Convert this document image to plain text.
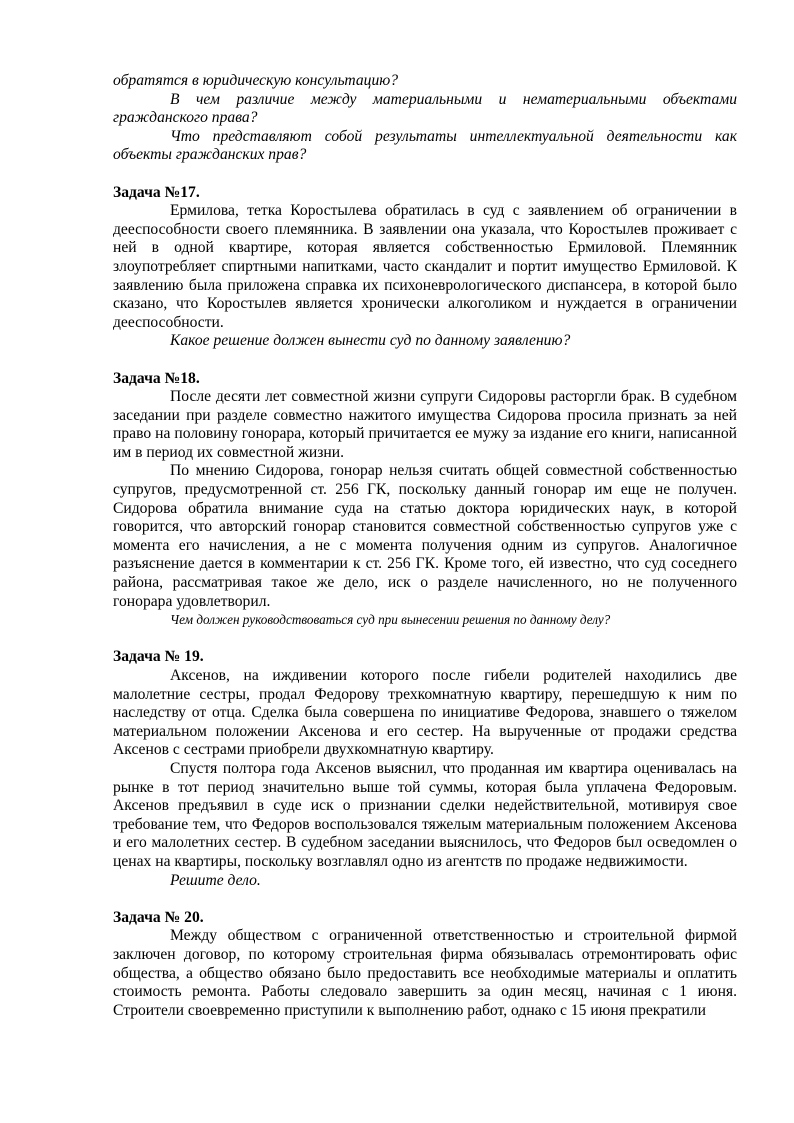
обратятся в юридическую консультацию?

В чем различие между материальными и нематериальными объектами гражданского права?

Что представляют собой результаты интеллектуальной деятельности как объекты гражданских прав?

Задача №17.

Ермилова, тетка Коростылева обратилась в суд с заявлением об ограничении в дееспособности своего племянника. В заявлении она указала, что Коростылев проживает с ней в одной квартире, которая является собственностью Ермиловой. Племянник злоупотребляет спиртными напитками, часто скандалит и портит имущество Ермиловой. К заявлению была приложена справка их психоневрологического диспансера, в которой было сказано, что Коростылев является хронически алкоголиком и нуждается в ограничении дееспособности.

Какое решение должен вынести суд по данному заявлению?

Задача №18.

После десяти лет совместной жизни супруги Сидоровы расторгли брак. В судебном заседании при разделе совместно нажитого имущества Сидорова просила признать за ней право на половину гонорара, который причитается ее мужу за издание его книги, написанной им в период их совместной жизни.

По мнению Сидорова, гонорар нельзя считать общей совместной собственностью супругов, предусмотренной ст. 256 ГК, поскольку данный гонорар им еще не получен. Сидорова обратила внимание суда на статью доктора юридических наук, в которой говорится, что авторский гонорар становится совместной собственностью супругов уже с момента его начисления, а не с момента получения одним из супругов. Аналогичное разъяснение дается в комментарии к ст. 256 ГК. Кроме того, ей известно, что суд соседнего района, рассматривая такое же дело, иск о разделе начисленного, но не полученного гонорара удовлетворил.

Чем должен руководствоваться суд при вынесении решения по данному делу?

Задача № 19.

Аксенов, на иждивении которого после гибели родителей находились две малолетние сестры, продал Федорову трехкомнатную квартиру, перешедшую к ним по наследству от отца. Сделка была совершена по инициативе Федорова, знавшего о тяжелом материальном положении Аксенова и его сестер. На вырученные от продажи средства Аксенов с сестрами приобрели двухкомнатную квартиру.

Спустя полтора года Аксенов выяснил, что проданная им квартира оценивалась на рынке в тот период значительно выше той суммы, которая была уплачена Федоровым. Аксенов предъявил в суде иск о признании сделки недействительной, мотивируя свое требование тем, что Федоров воспользовался тяжелым материальным положением Аксенова и его малолетних сестер. В судебном заседании выяснилось, что Федоров был осведомлен о ценах на квартиры, поскольку возглавлял одно из агентств по продаже недвижимости.

Решите дело.

Задача № 20.

Между обществом с ограниченной ответственностью и строительной фирмой заключен договор, по которому строительная фирма обязывалась отремонтировать офис общества, а общество обязано было предоставить все необходимые материалы и оплатить стоимость ремонта. Работы следовало завершить за один месяц, начиная с 1 июня. Строители своевременно приступили к выполнению работ, однако с 15 июня прекратили
